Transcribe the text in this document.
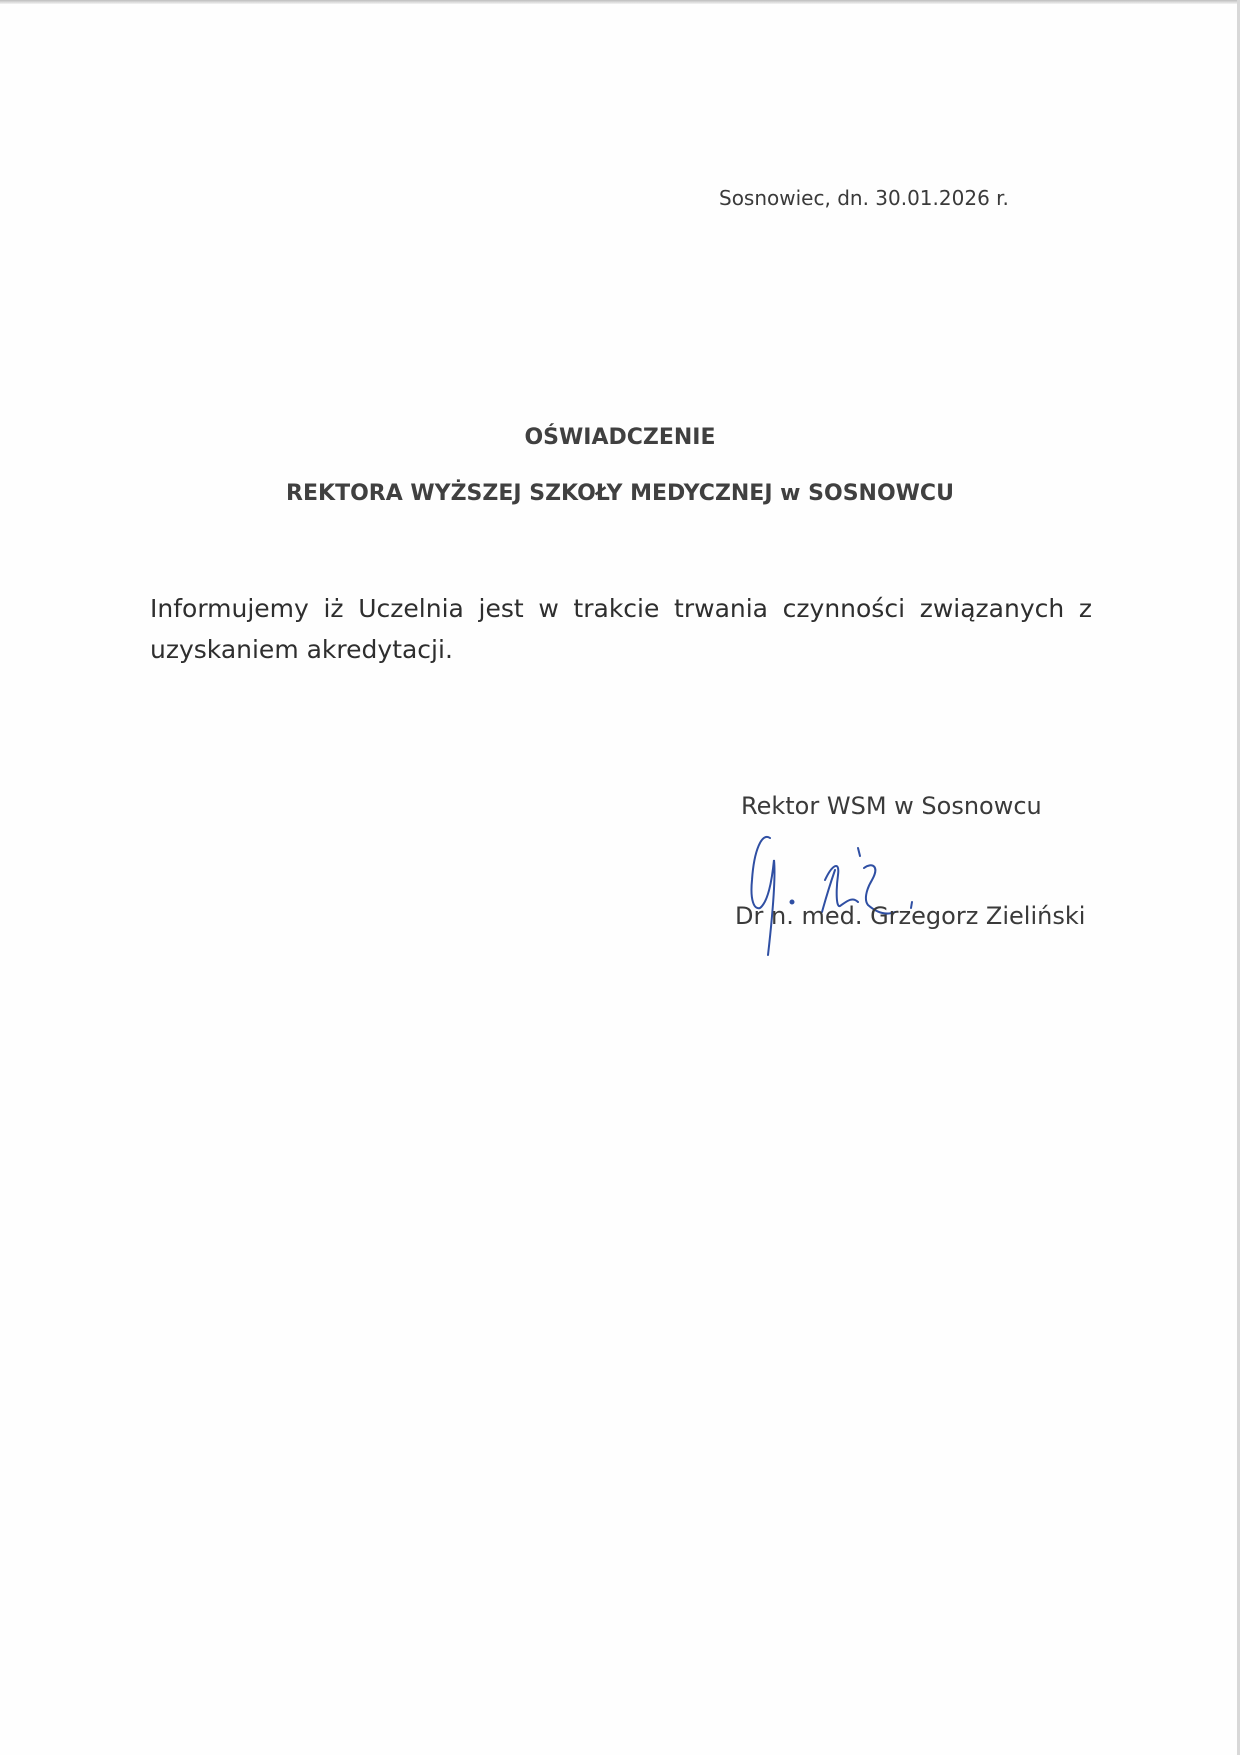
Sosnowiec, dn. 30.01.2026 r.
OŚWIADCZENIE
REKTORA WYŻSZEJ SZKOŁY MEDYCZNEJ w SOSNOWCU
Informujemy iż Uczelnia jest w trakcie trwania czynności związanych z uzyskaniem akredytacji.
Rektor WSM w Sosnowcu
Dr n. med. Grzegorz Zieliński
